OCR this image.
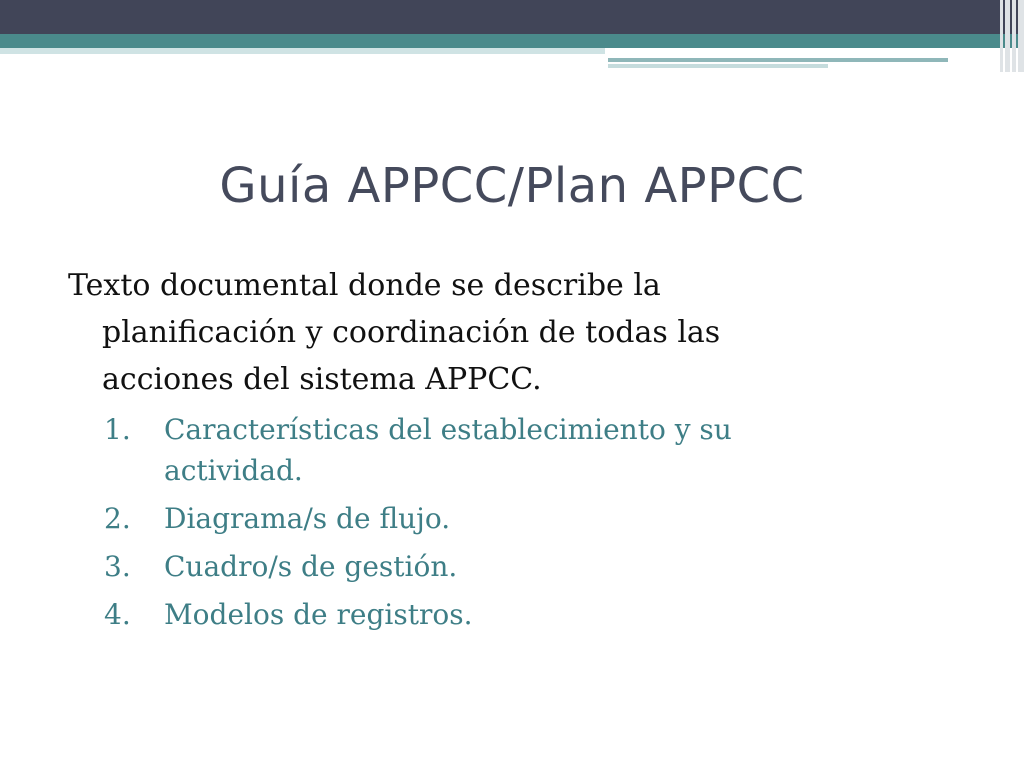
Guía APPCC/Plan APPCC

Texto documental donde se describe la planificación y coordinación de todas las acciones del sistema APPCC.

1. Características del establecimiento y su actividad.
2. Diagrama/s de flujo.
3. Cuadro/s de gestión.
4. Modelos de registros.
